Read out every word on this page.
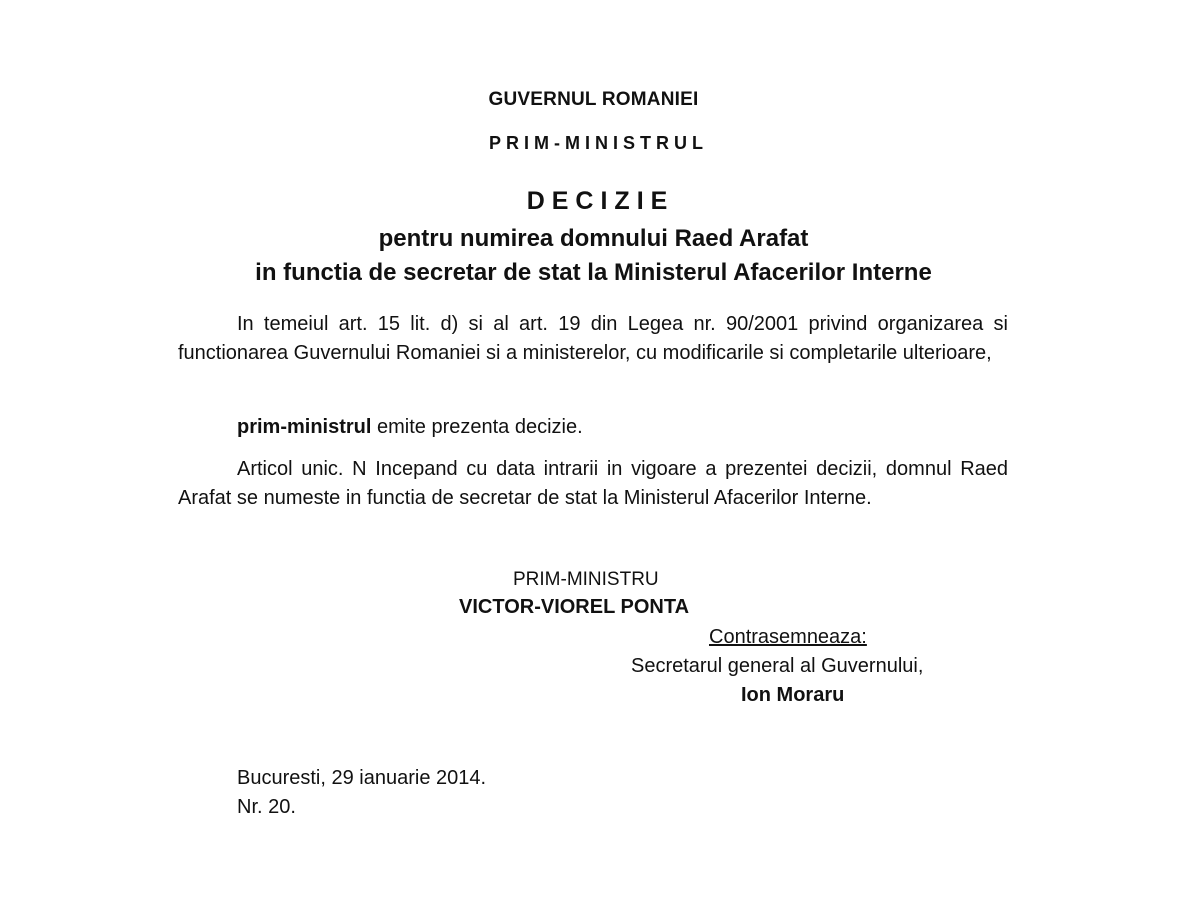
GUVERNUL ROMANIEI
PRIM-MINISTRUL
DECIZIE
pentru numirea domnului Raed Arafat
in functia de secretar de stat la Ministerul Afacerilor Interne
In temeiul art. 15 lit. d) si al art. 19 din Legea nr. 90/2001 privind organizarea si functionarea Guvernului Romaniei si a ministerelor, cu modificarile si completarile ulterioare,
prim-ministrul emite prezenta decizie.
Articol unic. N Incepand cu data intrarii in vigoare a prezentei decizii, domnul Raed Arafat se numeste in functia de secretar de stat la Ministerul Afacerilor Interne.
PRIM-MINISTRU
VICTOR-VIOREL PONTA
Contrasemneaza:
Secretarul general al Guvernului,
Ion Moraru
Bucuresti, 29 ianuarie 2014.
Nr. 20.
